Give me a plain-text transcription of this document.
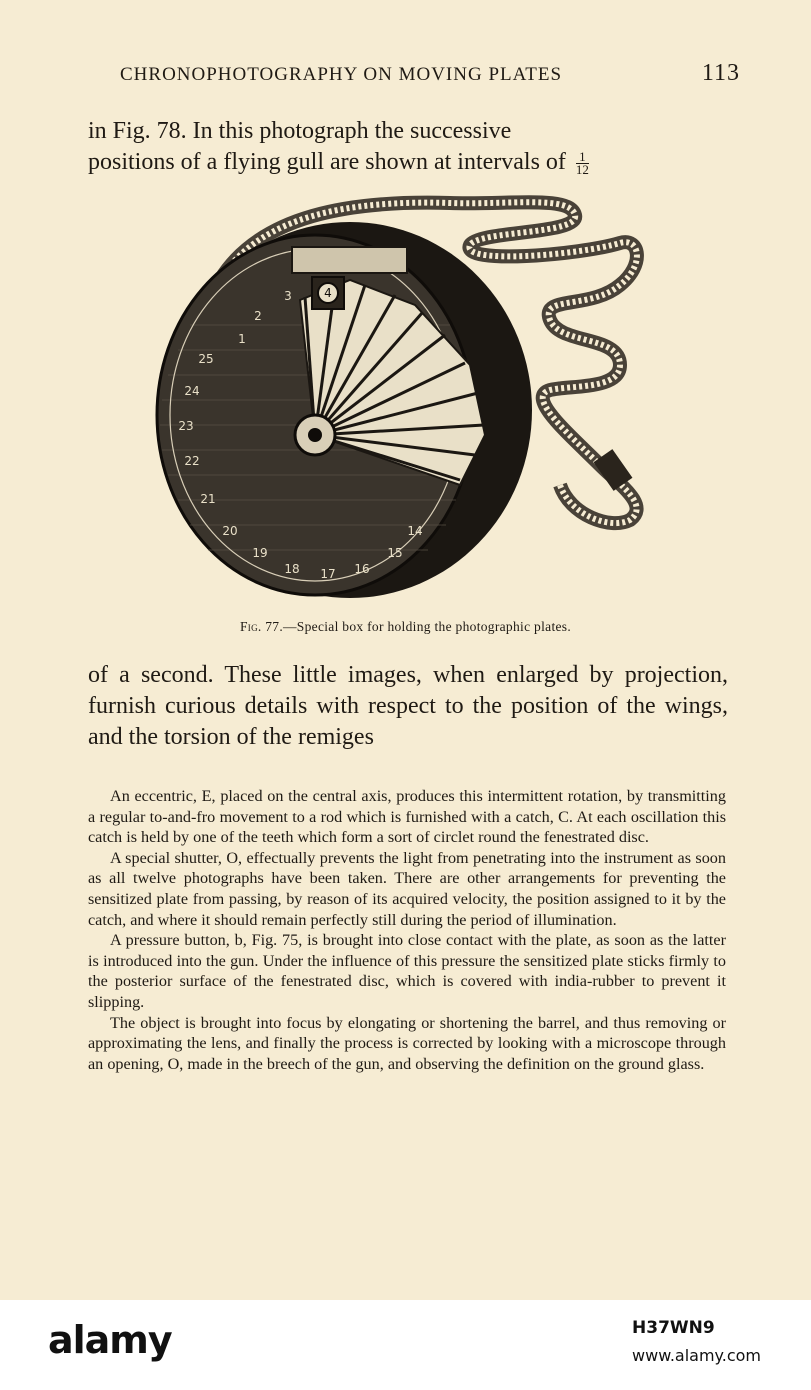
CHRONOPHOTOGRAPHY ON MOVING PLATES	113
in Fig. 78. In this photograph the successive
positions of a flying gull are shown at intervals of $\frac{1}{12}$
1
2
3	4
14
15
16
17
18
19
20
21
22
23
24
25
Fig. 77.—Special box for holding the photographic plates.
of a second. These little images, when enlarged by projection, furnish curious details with respect to the position of the wings, and the torsion of the remiges

An eccentric, E, placed on the central axis, produces this intermittent rotation, by transmitting a regular to-and-fro movement to a rod which is furnished with a catch, C. At each oscillation this catch is held by one of the teeth which form a sort of circlet round the fenestrated disc.

A special shutter, O, effectually prevents the light from penetrating into the instrument as soon as all twelve photographs have been taken. There are other arrangements for preventing the sensitized plate from passing, by reason of its acquired velocity, the position assigned to it by the catch, and where it should remain perfectly still during the period of illumination.

A pressure button, b, Fig. 75, is brought into close contact with the plate, as soon as the latter is introduced into the gun. Under the influence of this pressure the sensitized plate sticks firmly to the posterior surface of the fenestrated disc, which is covered with india-rubber to prevent it slipping.

The object is brought into focus by elongating or shortening the barrel, and thus removing or approximating the lens, and finally the process is corrected by looking with a microscope through an opening, O, made in the breech of the gun, and observing the definition on the ground glass.

alamy	H37WN9
www.alamy.com
